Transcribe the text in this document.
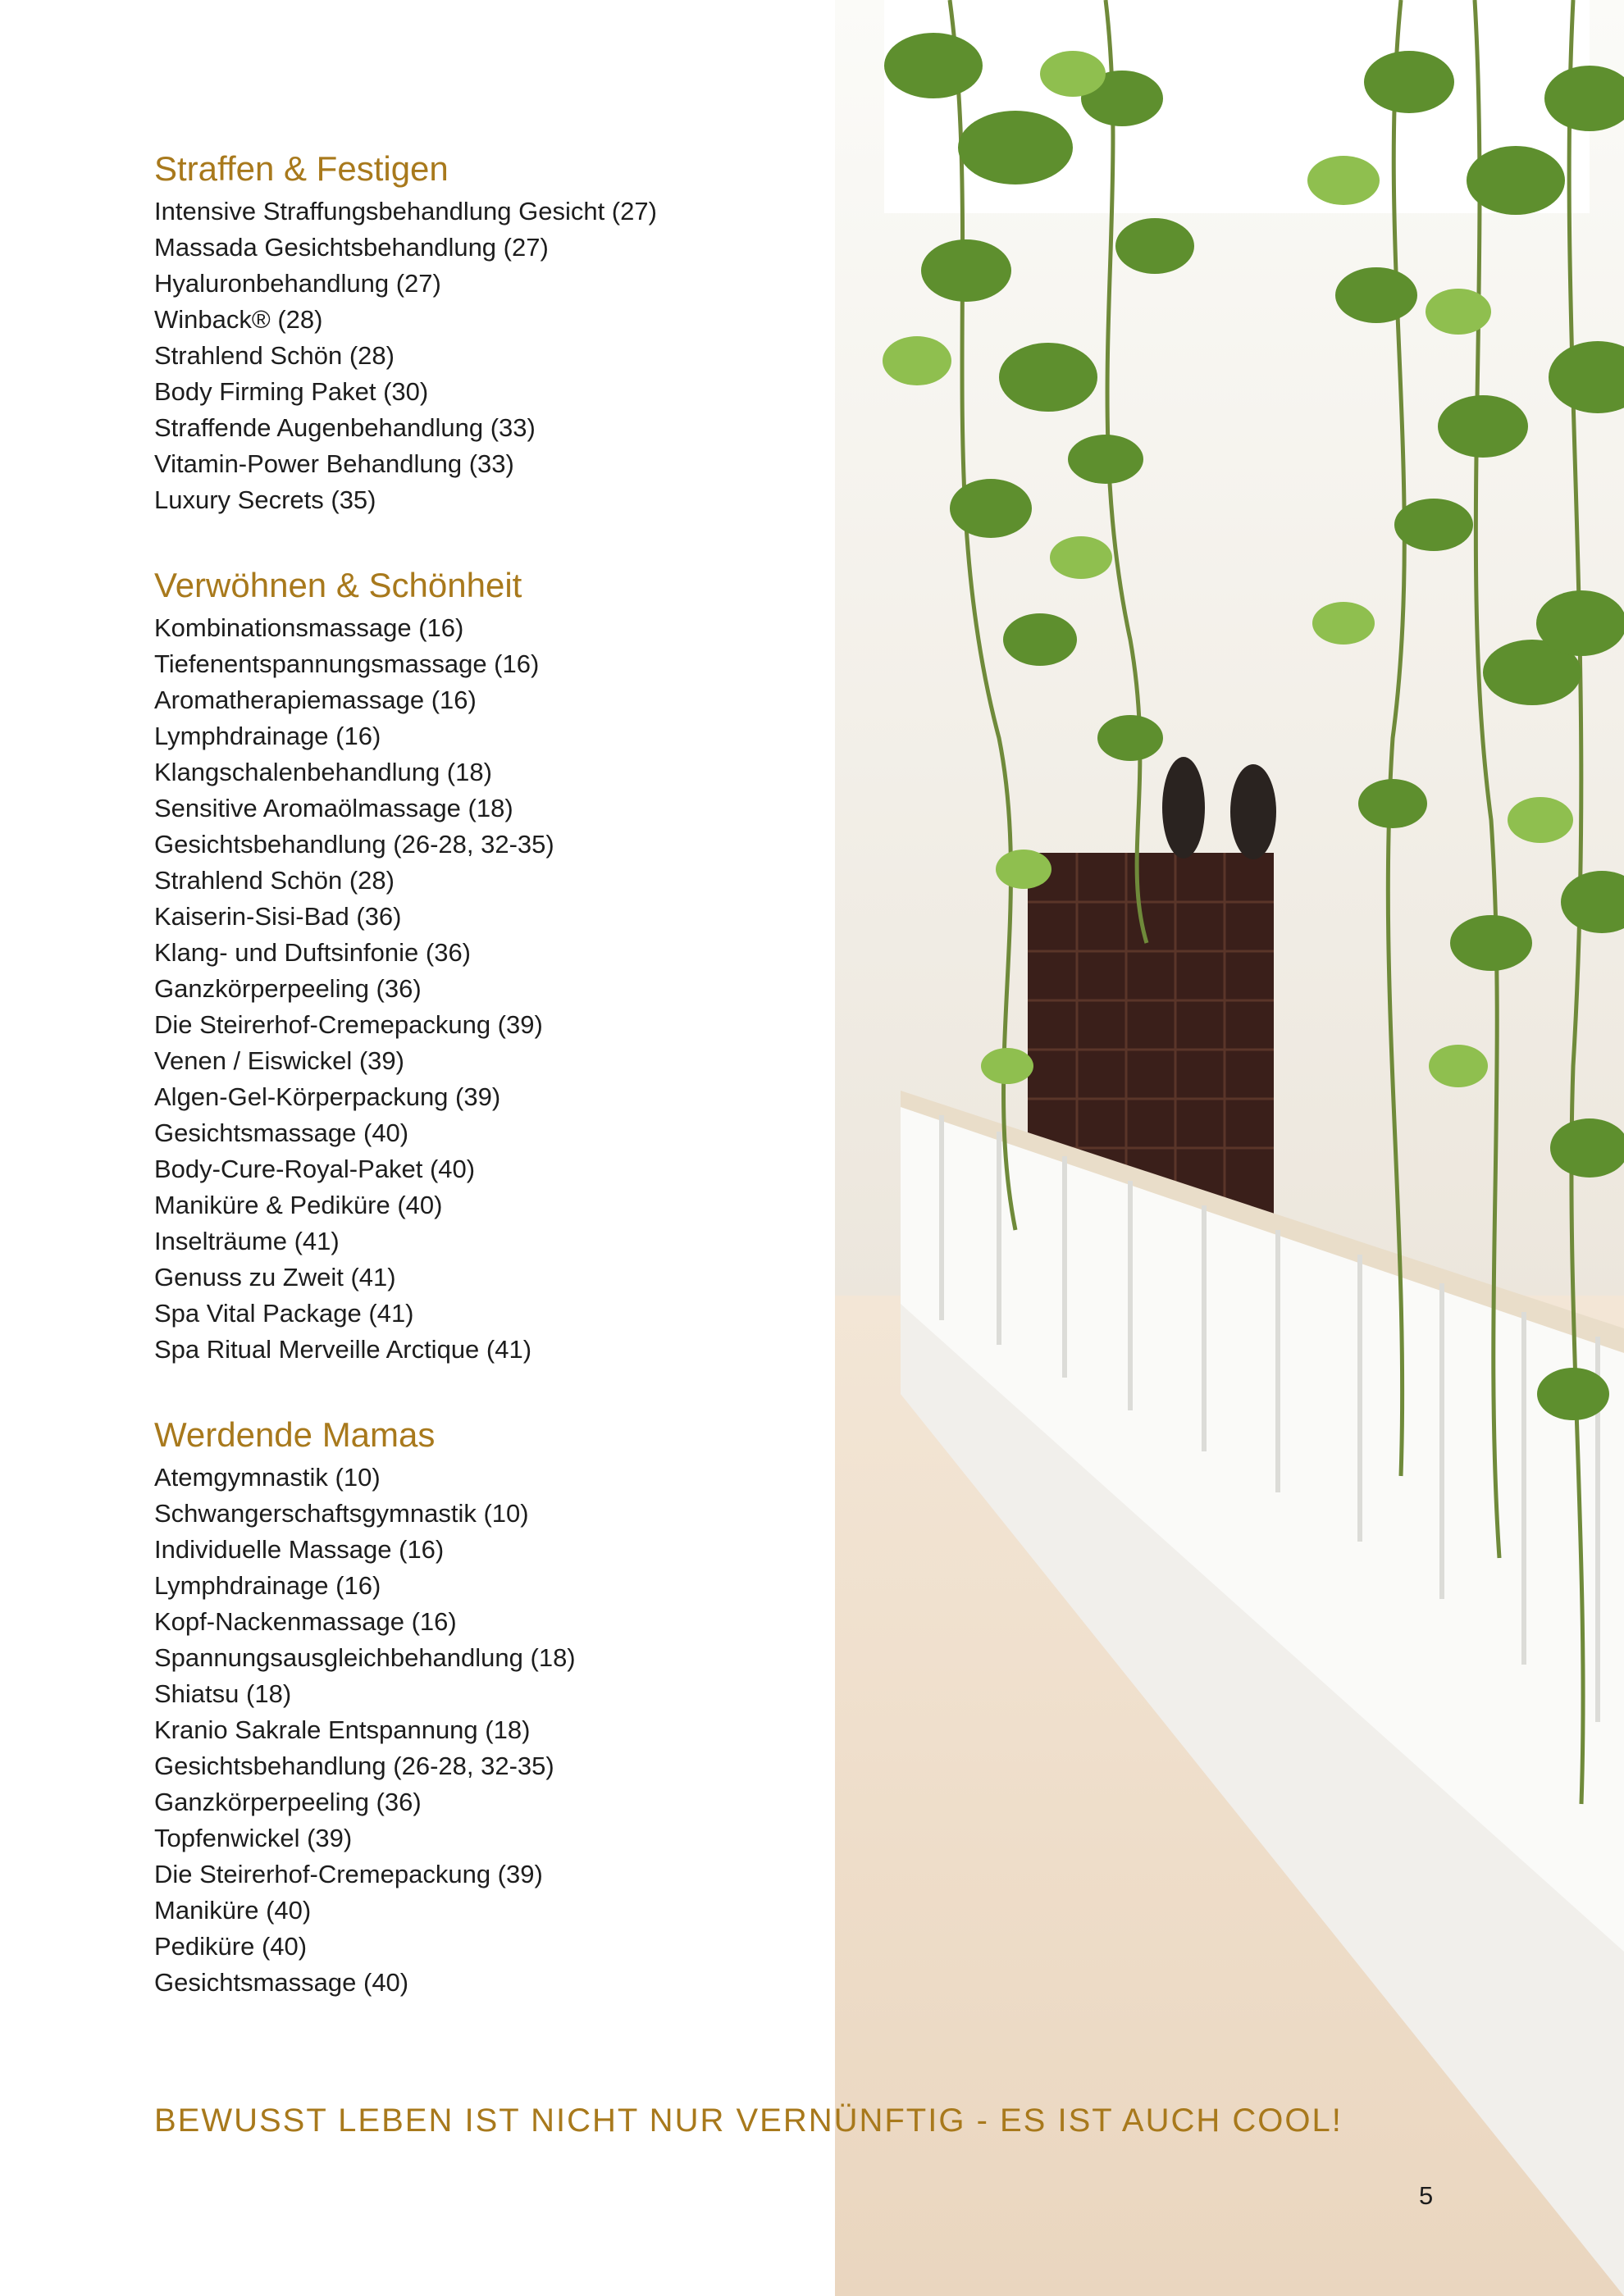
Straffen & Festigen
Intensive Straffungsbehandlung Gesicht (27)
Massada Gesichtsbehandlung (27)
Hyaluronbehandlung (27)
Winback® (28)
Strahlend Schön (28)
Body Firming Paket (30)
Straffende Augenbehandlung (33)
Vitamin-Power Behandlung (33)
Luxury Secrets (35)
Verwöhnen & Schönheit
Kombinationsmassage (16)
Tiefenentspannungsmassage (16)
Aromatherapiemassage (16)
Lymphdrainage (16)
Klangschalenbehandlung (18)
Sensitive Aromaölmassage (18)
Gesichtsbehandlung (26-28, 32-35)
Strahlend Schön (28)
Kaiserin-Sisi-Bad (36)
Klang- und Duftsinfonie (36)
Ganzkörperpeeling (36)
Die Steirerhof-Cremepackung (39)
Venen / Eiswickel (39)
Algen-Gel-Körperpackung (39)
Gesichtsmassage (40)
Body-Cure-Royal-Paket (40)
Maniküre & Pediküre (40)
Inselträume (41)
Genuss zu Zweit (41)
Spa Vital Package (41)
Spa Ritual Merveille Arctique (41)
Werdende Mamas
Atemgymnastik (10)
Schwangerschaftsgymnastik (10)
Individuelle Massage (16)
Lymphdrainage (16)
Kopf-Nackenmassage (16)
Spannungsausgleichbehandlung (18)
Shiatsu (18)
Kranio Sakrale Entspannung (18)
Gesichtsbehandlung (26-28, 32-35)
Ganzkörperpeeling (36)
Topfenwickel (39)
Die Steirerhof-Cremepackung (39)
Maniküre (40)
Pediküre (40)
Gesichtsmassage (40)

BEWUSST LEBEN IST NICHT NUR VERNÜNFTIG - ES IST AUCH COOL!

5
